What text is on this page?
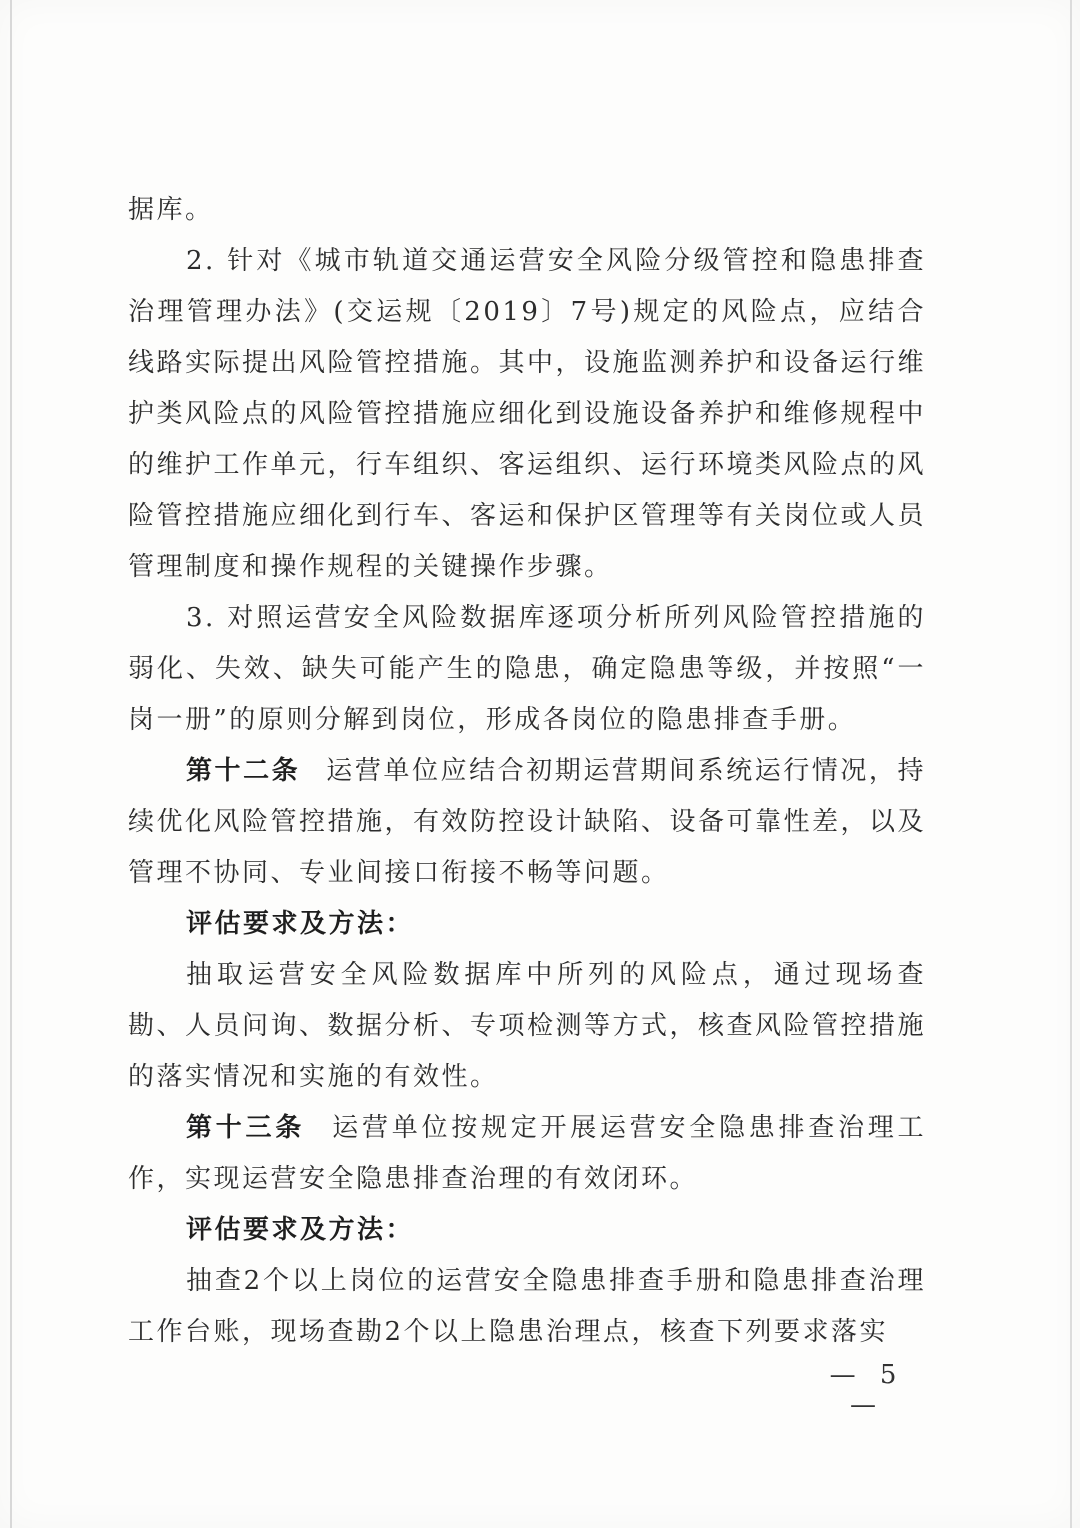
据库。

2. 针对《城市轨道交通运营安全风险分级管控和隐患排查治理管理办法》(交运规〔2019〕7号)规定的风险点，应结合线路实际提出风险管控措施。其中，设施监测养护和设备运行维护类风险点的风险管控措施应细化到设施设备养护和维修规程中的维护工作单元，行车组织、客运组织、运行环境类风险点的风险管控措施应细化到行车、客运和保护区管理等有关岗位或人员管理制度和操作规程的关键操作步骤。

3. 对照运营安全风险数据库逐项分析所列风险管控措施的弱化、失效、缺失可能产生的隐患，确定隐患等级，并按照“一岗一册”的原则分解到岗位，形成各岗位的隐患排查手册。

第十二条 运营单位应结合初期运营期间系统运行情况，持续优化风险管控措施，有效防控设计缺陷、设备可靠性差，以及管理不协同、专业间接口衔接不畅等问题。

评估要求及方法：

抽取运营安全风险数据库中所列的风险点，通过现场查勘、人员问询、数据分析、专项检测等方式，核查风险管控措施的落实情况和实施的有效性。

第十三条 运营单位按规定开展运营安全隐患排查治理工作，实现运营安全隐患排查治理的有效闭环。

评估要求及方法：

抽查2个以上岗位的运营安全隐患排查手册和隐患排查治理工作台账，现场查勘2个以上隐患治理点，核查下列要求落实

— 5 —
